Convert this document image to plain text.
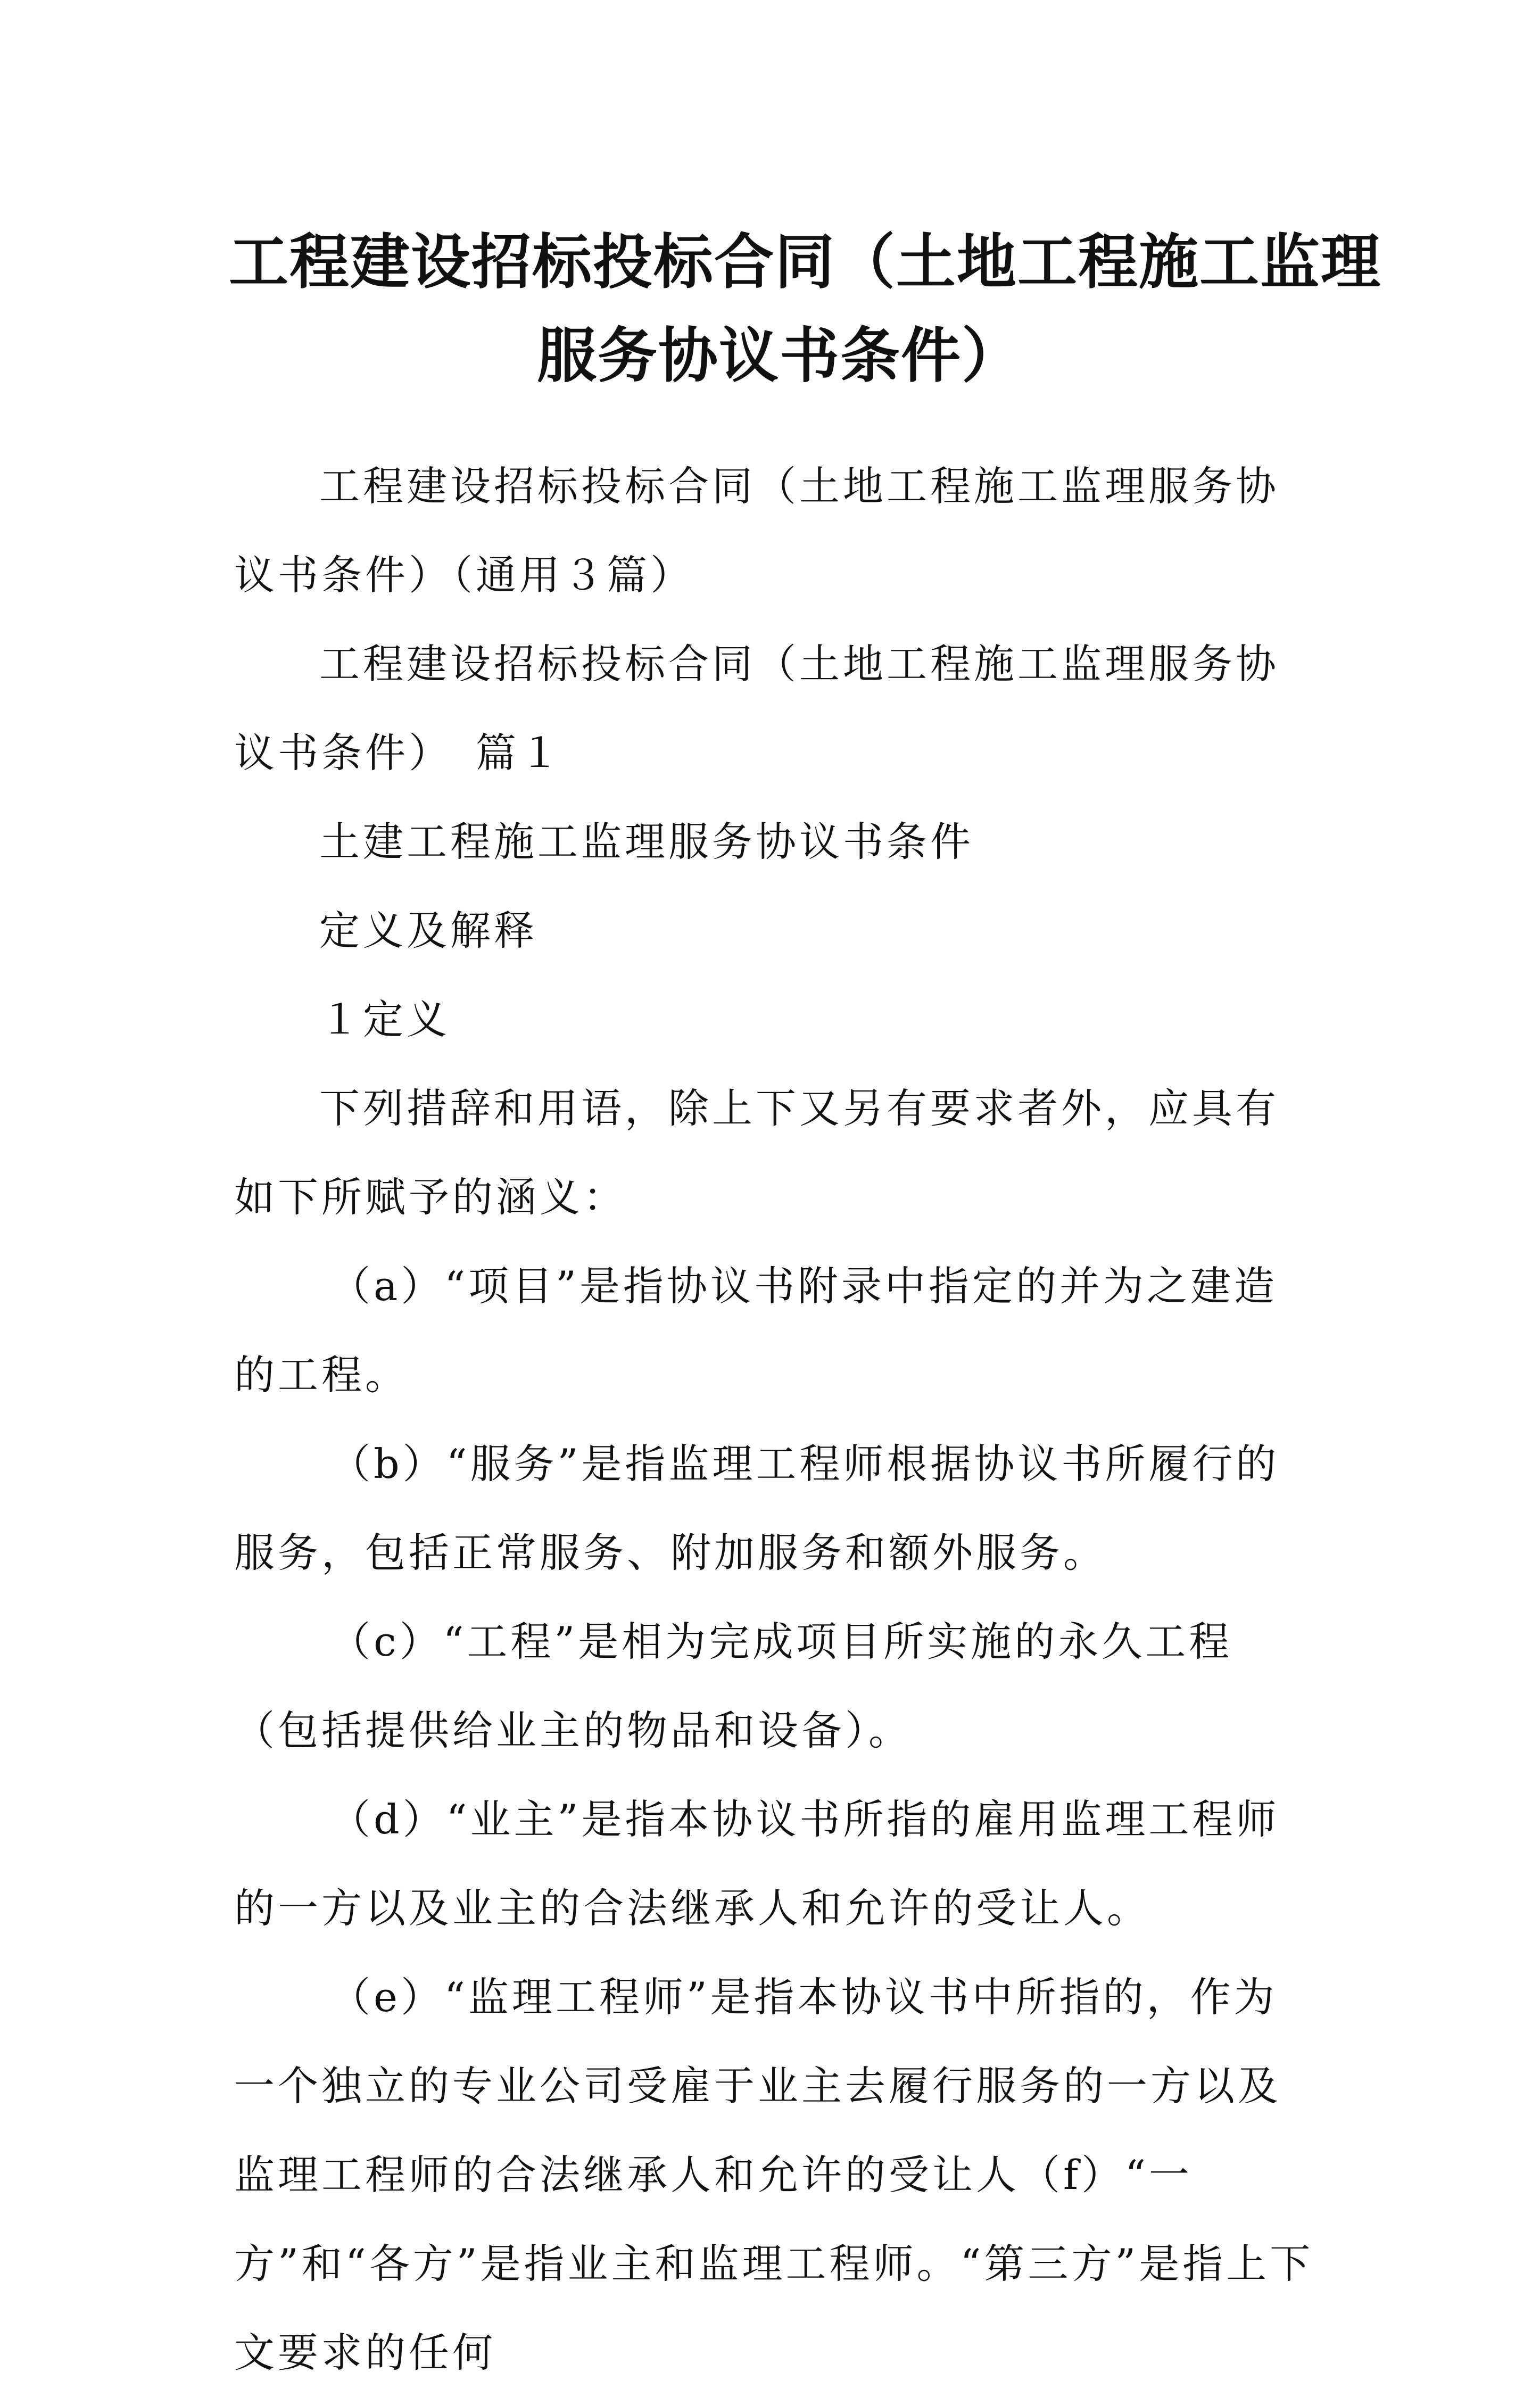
工程建设招标投标合同（土地工程施工监理
服务协议书条件）

工程建设招标投标合同（土地工程施工监理服务协议书条件）（通用３篇）

工程建设招标投标合同（土地工程施工监理服务协议书条件）　篇１

土建工程施工监理服务协议书条件

定义及解释

１定义

下列措辞和用语，除上下又另有要求者外，应具有如下所赋予的涵义：

（a）“项目”是指协议书附录中指定的并为之建造的工程。

（b）“服务”是指监理工程师根据协议书所履行的服务，包括正常服务、附加服务和额外服务。

（c）“工程”是相为完成项目所实施的永久工程（包括提供给业主的物品和设备）。

（d）“业主”是指本协议书所指的雇用监理工程师的一方以及业主的合法继承人和允许的受让人。

（e）“监理工程师”是指本协议书中所指的，作为一个独立的专业公司受雇于业主去履行服务的一方以及监理工程师的合法继承人和允许的受让人（f）“一方”和“各方”是指业主和监理工程师。“第三方”是指上下文要求的任何
